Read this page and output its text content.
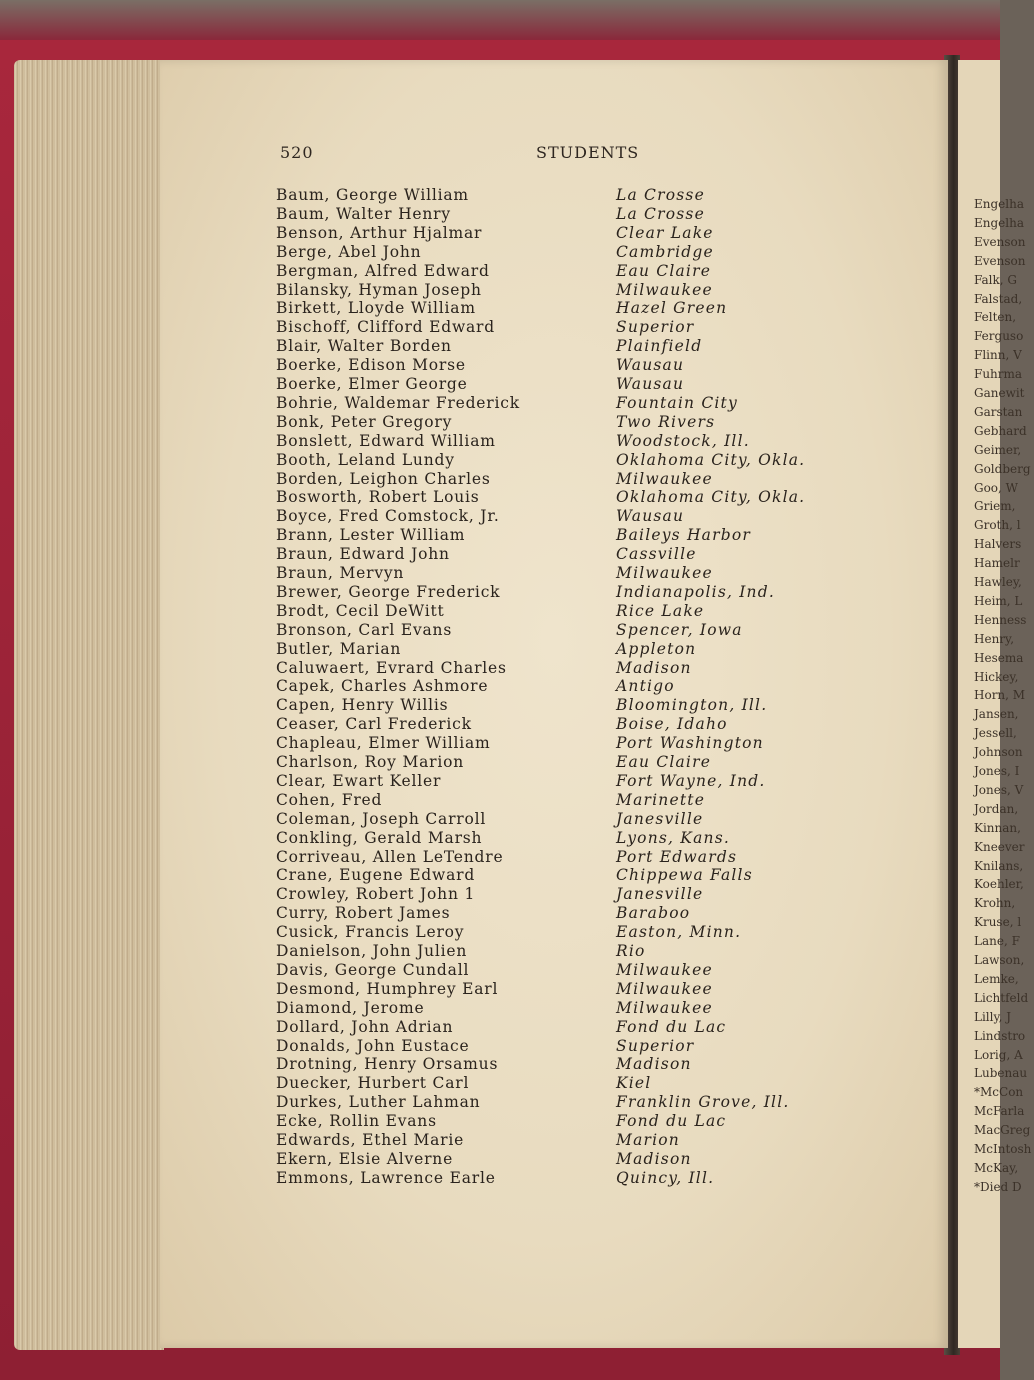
Engelha
Engelha
Evenson
Evenson
Falk, G
Falstad,
Felten,
Ferguso
Flinn, V
Fuhrma
Ganewit
Garstan
Gebhard
Geimer,
Goldberg
Goo, W
Griem,
Groth, l
Halvers
Hamelr
Hawley,
Heim, L
Henness
Henry,
Hesema
Hickey,
Horn, M
Jansen,
Jessell,
Johnson
Jones, I
Jones, V
Jordan,
Kinnan,
Kneever
Knilans,
Koehler,
Krohn,
Kruse, l
Lane, F
Lawson,
Lemke,
Lichtfeld
Lilly, J
Lindstro
Lorig, A
Lubenau
*McCon
McFarla
MacGreg
McIntosh
McKay,
*Died D
520	STUDENTS
Baum, George William	La Crosse
Baum, Walter Henry	La Crosse
Benson, Arthur Hjalmar	Clear Lake
Berge, Abel John	Cambridge
Bergman, Alfred Edward	Eau Claire
Bilansky, Hyman Joseph	Milwaukee
Birkett, Lloyde William	Hazel Green
Bischoff, Clifford Edward	Superior
Blair, Walter Borden	Plainfield
Boerke, Edison Morse	Wausau
Boerke, Elmer George	Wausau
Bohrie, Waldemar Frederick	Fountain City
Bonk, Peter Gregory	Two Rivers
Bonslett, Edward William	Woodstock, Ill.
Booth, Leland Lundy	Oklahoma City, Okla.
Borden, Leighon Charles	Milwaukee
Bosworth, Robert Louis	Oklahoma City, Okla.
Boyce, Fred Comstock, Jr.	Wausau
Brann, Lester William	Baileys Harbor
Braun, Edward John	Cassville
Braun, Mervyn	Milwaukee
Brewer, George Frederick	Indianapolis, Ind.
Brodt, Cecil DeWitt	Rice Lake
Bronson, Carl Evans	Spencer, Iowa
Butler, Marian	Appleton
Caluwaert, Evrard Charles	Madison
Capek, Charles Ashmore	Antigo
Capen, Henry Willis	Bloomington, Ill.
Ceaser, Carl Frederick	Boise, Idaho
Chapleau, Elmer William	Port Washington
Charlson, Roy Marion	Eau Claire
Clear, Ewart Keller	Fort Wayne, Ind.
Cohen, Fred	Marinette
Coleman, Joseph Carroll	Janesville
Conkling, Gerald Marsh	Lyons, Kans.
Corriveau, Allen LeTendre	Port Edwards
Crane, Eugene Edward	Chippewa Falls
Crowley, Robert John 1	Janesville
Curry, Robert James	Baraboo
Cusick, Francis Leroy	Easton, Minn.
Danielson, John Julien	Rio
Davis, George Cundall	Milwaukee
Desmond, Humphrey Earl	Milwaukee
Diamond, Jerome	Milwaukee
Dollard, John Adrian	Fond du Lac
Donalds, John Eustace	Superior
Drotning, Henry Orsamus	Madison
Duecker, Hurbert Carl	Kiel
Durkes, Luther Lahman	Franklin Grove, Ill.
Ecke, Rollin Evans	Fond du Lac
Edwards, Ethel Marie	Marion
Ekern, Elsie Alverne	Madison
Emmons, Lawrence Earle	Quincy, Ill.
